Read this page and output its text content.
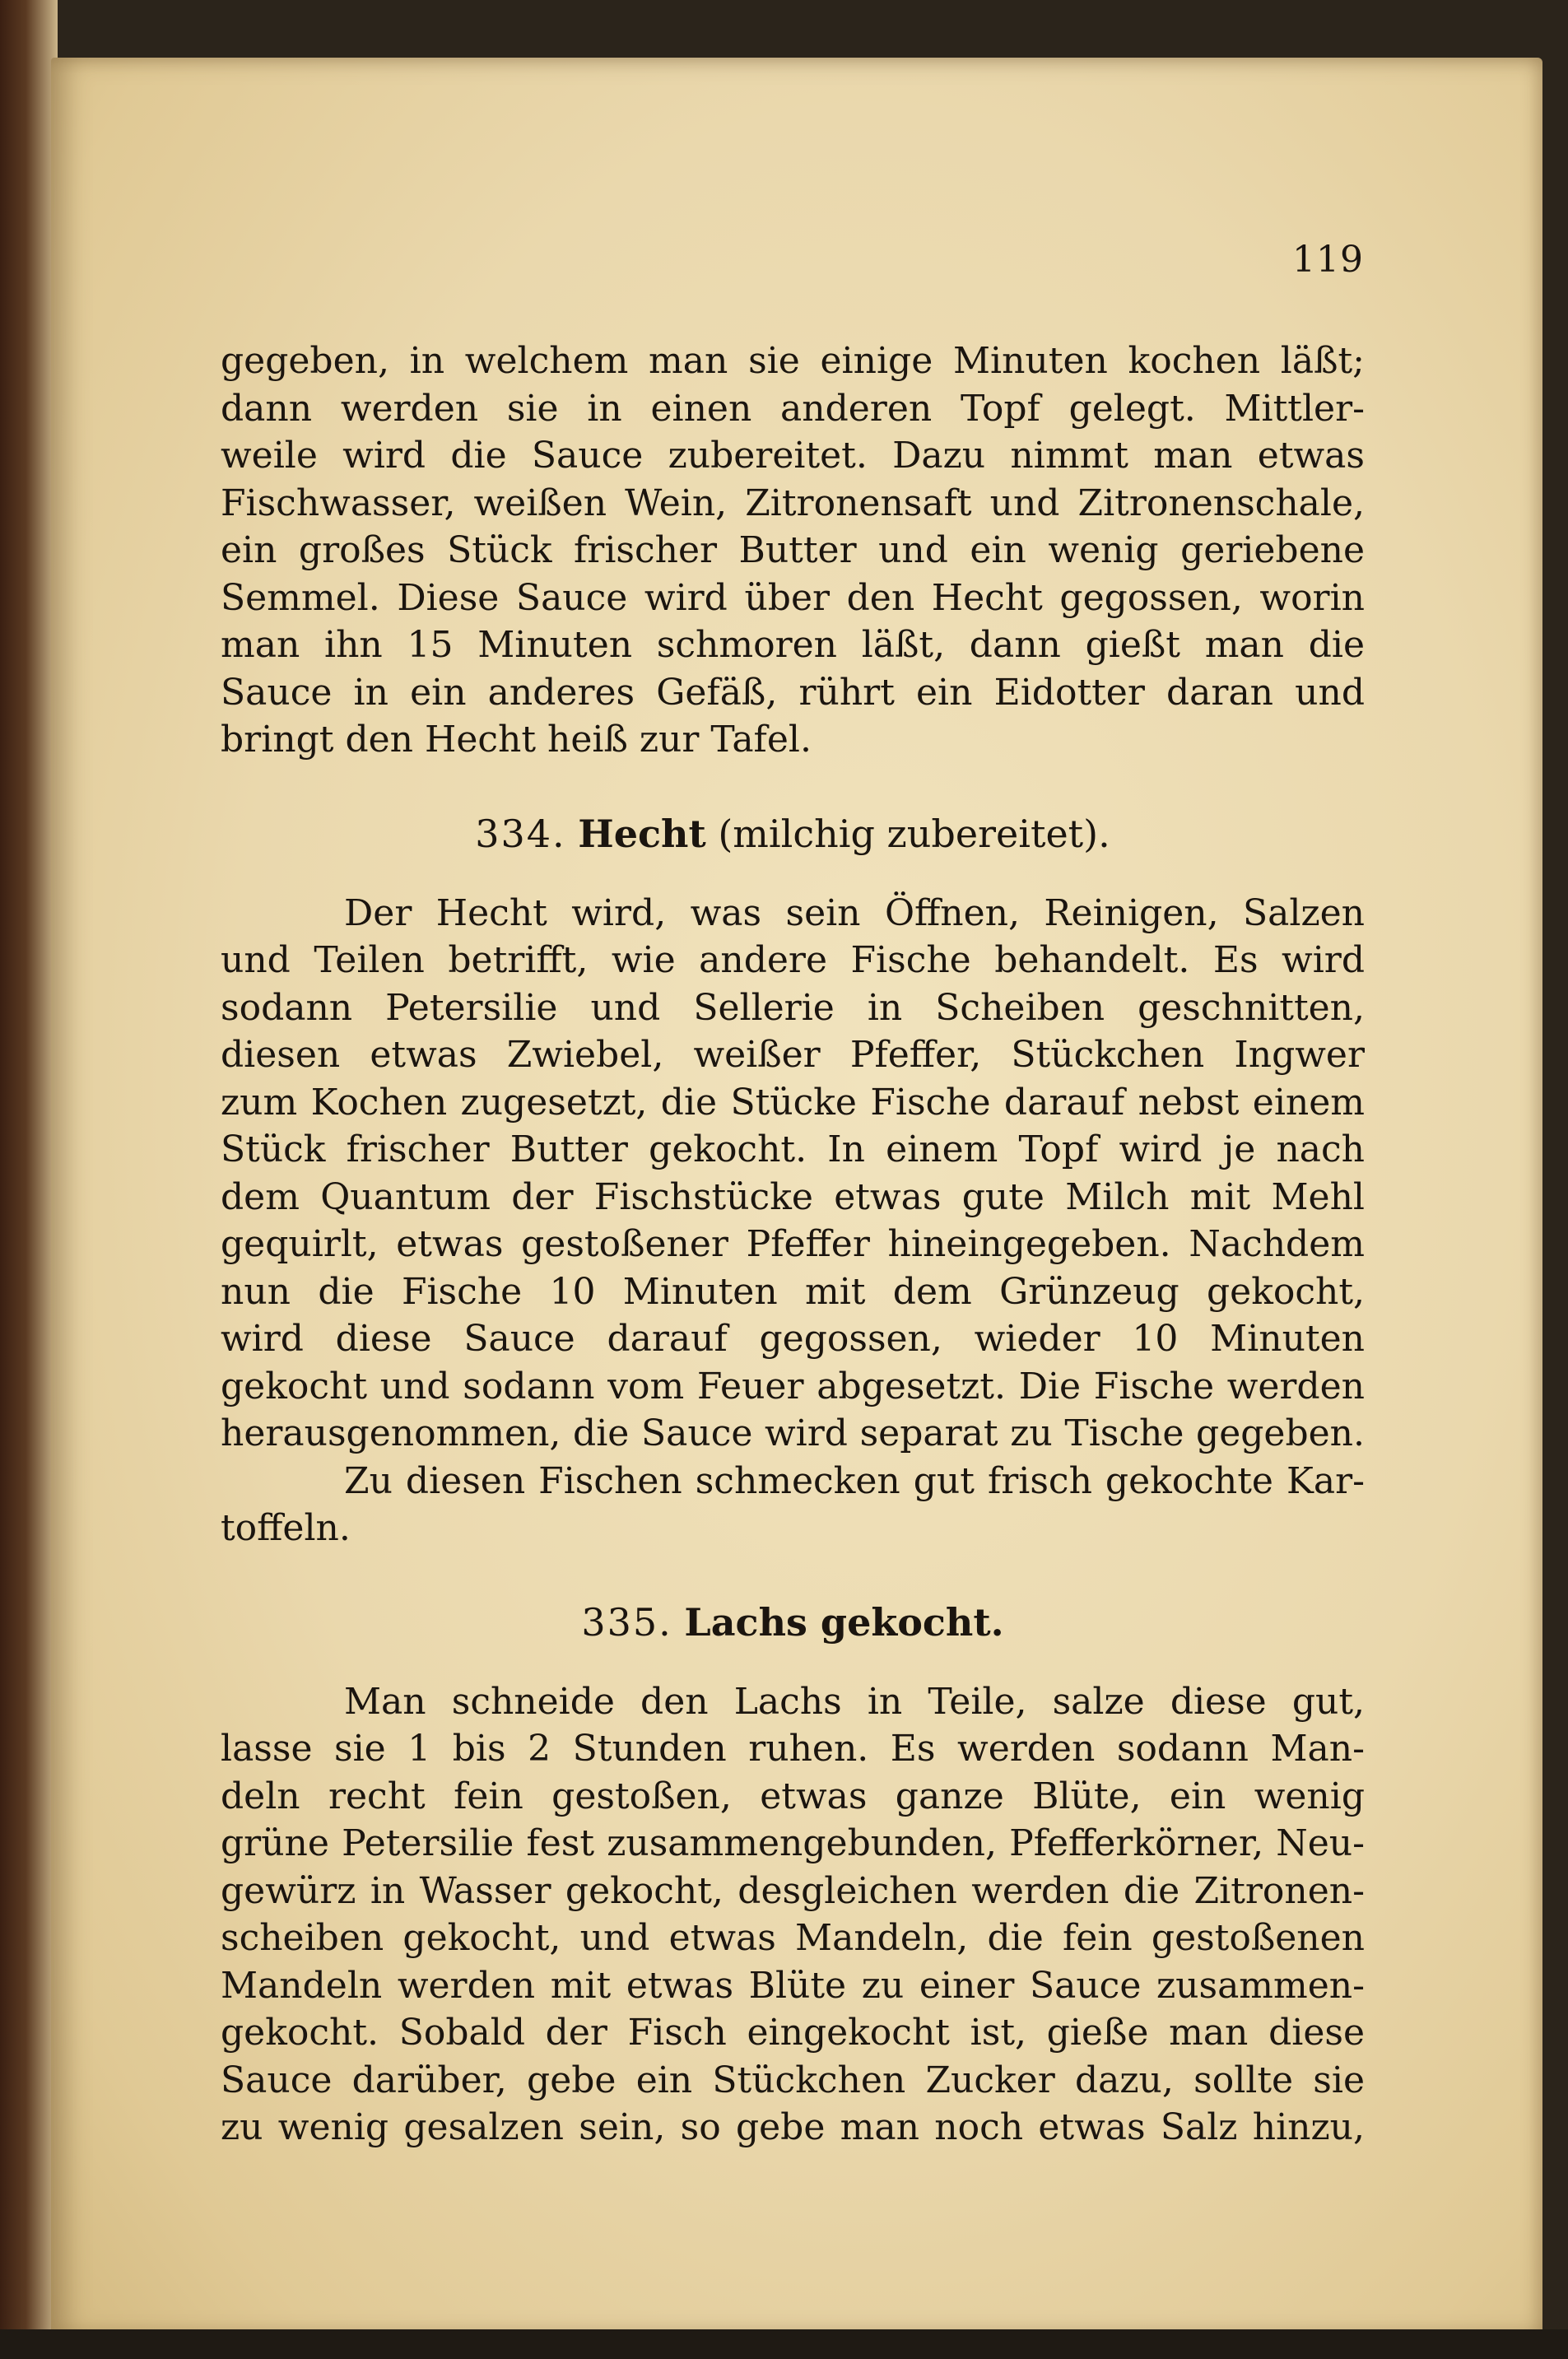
119
gegeben, in welchem man sie einige Minuten kochen läßt;
dann werden sie in einen anderen Topf gelegt. Mittler-
weile wird die Sauce zubereitet. Dazu nimmt man etwas
Fischwasser, weißen Wein, Zitronensaft und Zitronenschale,
ein großes Stück frischer Butter und ein wenig geriebene
Semmel. Diese Sauce wird über den Hecht gegossen, worin
man ihn 15 Minuten schmoren läßt, dann gießt man die
Sauce in ein anderes Gefäß, rührt ein Eidotter daran und
bringt den Hecht heiß zur Tafel.
334. Hecht (milchig zubereitet).
Der Hecht wird, was sein Öffnen, Reinigen, Salzen
und Teilen betrifft, wie andere Fische behandelt. Es wird
sodann Petersilie und Sellerie in Scheiben geschnitten,
diesen etwas Zwiebel, weißer Pfeffer, Stückchen Ingwer
zum Kochen zugesetzt, die Stücke Fische darauf nebst einem
Stück frischer Butter gekocht. In einem Topf wird je nach
dem Quantum der Fischstücke etwas gute Milch mit Mehl
gequirlt, etwas gestoßener Pfeffer hineingegeben. Nachdem
nun die Fische 10 Minuten mit dem Grünzeug gekocht,
wird diese Sauce darauf gegossen, wieder 10 Minuten
gekocht und sodann vom Feuer abgesetzt. Die Fische werden
herausgenommen, die Sauce wird separat zu Tische gegeben.
Zu diesen Fischen schmecken gut frisch gekochte Kar-
toffeln.
335. Lachs gekocht.
Man schneide den Lachs in Teile, salze diese gut,
lasse sie 1 bis 2 Stunden ruhen. Es werden sodann Man-
deln recht fein gestoßen, etwas ganze Blüte, ein wenig
grüne Petersilie fest zusammengebunden, Pfefferkörner, Neu-
gewürz in Wasser gekocht, desgleichen werden die Zitronen-
scheiben gekocht, und etwas Mandeln, die fein gestoßenen
Mandeln werden mit etwas Blüte zu einer Sauce zusammen-
gekocht. Sobald der Fisch eingekocht ist, gieße man diese
Sauce darüber, gebe ein Stückchen Zucker dazu, sollte sie
zu wenig gesalzen sein, so gebe man noch etwas Salz hinzu,
